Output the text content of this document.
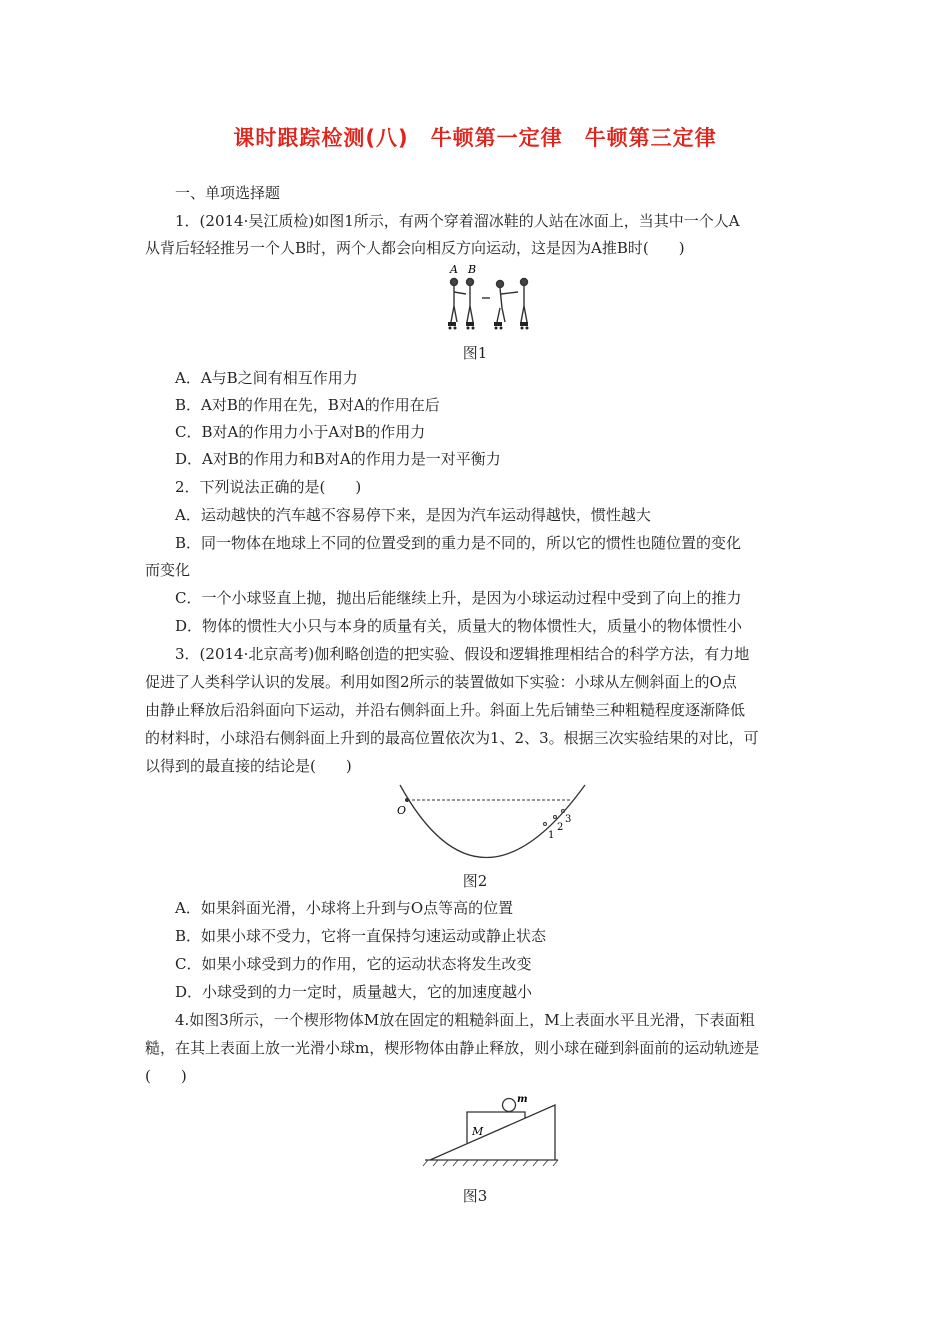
课时跟踪检测(八)　牛顿第一定律　牛顿第三定律
一、单项选择题
1．(2014·吴江质检)如图1所示，有两个穿着溜冰鞋的人站在冰面上，当其中一个人A
从背后轻轻推另一个人B时，两个人都会向相反方向运动，这是因为A推B时(　　)
A B
图1
A．A与B之间有相互作用力
B．A对B的作用在先，B对A的作用在后
C．B对A的作用力小于A对B的作用力
D．A对B的作用力和B对A的作用力是一对平衡力
2．下列说法正确的是(　　)
A．运动越快的汽车越不容易停下来，是因为汽车运动得越快，惯性越大
B．同一物体在地球上不同的位置受到的重力是不同的，所以它的惯性也随位置的变化
而变化
C．一个小球竖直上抛，抛出后能继续上升，是因为小球运动过程中受到了向上的推力
D．物体的惯性大小只与本身的质量有关，质量大的物体惯性大，质量小的物体惯性小
3．(2014·北京高考)伽利略创造的把实验、假设和逻辑推理相结合的科学方法，有力地
促进了人类科学认识的发展。利用如图2所示的装置做如下实验：小球从左侧斜面上的O点
由静止释放后沿斜面向下运动，并沿右侧斜面上升。斜面上先后铺垫三种粗糙程度逐渐降低
的材料时，小球沿右侧斜面上升到的最高位置依次为1、2、3。根据三次实验结果的对比，可
以得到的最直接的结论是(　　)
O
1
2
3
图2
A．如果斜面光滑，小球将上升到与O点等高的位置
B．如果小球不受力，它将一直保持匀速运动或静止状态
C．如果小球受到力的作用，它的运动状态将发生改变
D．小球受到的力一定时，质量越大，它的加速度越小
4.如图3所示，一个楔形物体M放在固定的粗糙斜面上，M上表面水平且光滑，下表面粗
糙，在其上表面上放一光滑小球m，楔形物体由静止释放，则小球在碰到斜面前的运动轨迹是
(　　)
M
m
图3
